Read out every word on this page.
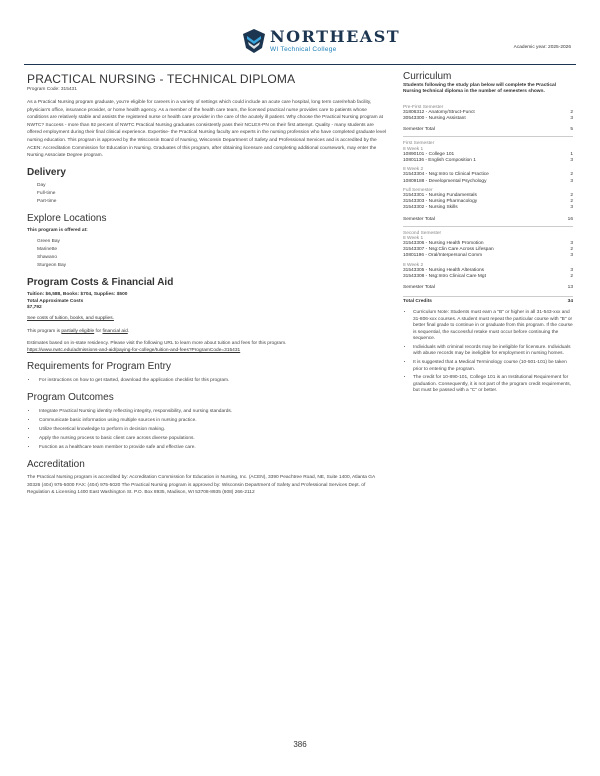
NORTHEAST
WI Technical College	Academic year: 2025-2026
PRACTICAL NURSING - TECHNICAL DIPLOMA
Program Code: 315431

As a Practical Nursing program graduate, you're eligible for careers in a variety of settings which could include an acute care hospital, long term care/rehab facility, physician's office, insurance provider, or home health agency. As a member of the health care team, the licensed practical nurse provides care to patients whose conditions are relatively stable and assists the registered nurse or health care provider in the care of the acutely ill patient. Why choose the Practical Nursing program at NWTC? Success - more than 92 percent of NWTC Practical Nursing graduates consistently pass their NCLEX-PN on their first attempt. Quality - many students are offered employment during their final clinical experience. Expertise- the Practical Nursing faculty are experts in the nursing profession who have completed graduate level nursing education. This program is approved by the Wisconsin Board of Nursing, Wisconsin Department of Safety and Professional Services and is accredited by the ACEN: Accreditation Commission for Education in Nursing. Graduates of this program, after obtaining licensure and completing additional coursework, may enter the Nursing Associate Degree program.

Delivery
Day
Full-time
Part-time
Explore Locations
This program is offered at:
Green Bay
Marinette
Shawano
Sturgeon Bay
Program Costs & Financial Aid
Tuition: $6,588, Books: $704, Supplies: $500
Total Approximate Costs
$7,792

See costs of tuition, books, and supplies.

This program is partially eligible for financial aid.

Estimates based on in-state residency. Please visit the following URL to learn more about tuition and fees for this program.

https://www.nwtc.edu/admissions-and-aid/paying-for-college/tuition-and-fees?ProgramCode=315431

Requirements for Program Entry
• For instructions on how to get started, download the application checklist for this program.
Program Outcomes
• Integrate Practical Nursing identity reflecting integrity, responsibility, and nursing standards.
• Communicate basic information using multiple sources in nursing practice.
• Utilize theoretical knowledge to perform in decision making.
• Apply the nursing process to basic client care across diverse populations.
• Function as a healthcare team member to provide safe and effective care.
Accreditation

The Practical Nursing program is accredited by: Accreditation Commission for Education in Nursing, Inc. (ACEN), 3390 Peachtree Road, NE, Suite 1400, Atlanta GA 30326 (404) 975-5000 FAX: (404) 975-5020 The Practical Nursing program is approved by: Wisconsin Department of Safety and Professional Services Dept. of Regulation & Licensing 1400 East Washington St. P.O. Box 8935, Madison, WI 53708-8935 (608) 266-2112

Curriculum
Students following the study plan below will complete the Practical Nursing technical diploma in the number of semesters shown.
Pre-First Semester
31806312 - Anatomy/Struct-Funct	2
30543300 - Nursing Assistant	3
Semester Total	5
First Semester
8 Week 1
10890101 - College 101	1
10801136 - English Composition 1	3
8 Week 2
31543304 - Nsg:Intro to Clinical Practice	2
10809188 - Developmental Psychology	3
Full Semester
31543301 - Nursing Fundamentals	2
31543303 - Nursing Pharmacology	2
31543302 - Nursing Skills	3
Semester Total	16
Second Semester
8 Week 1
31543306 - Nursing Health Promotion	3
31543307 - Nsg:Clin Care Across Lifespan	2
10801196 - Oral/Interpersonal Comm	3
8 Week 2
31543305 - Nursing Health Alterations	3
31543308 - Nsg:Intro Clinical Care Mgt	2
Semester Total	13
Total Credits	34
• Curriculum Note: Students must earn a "B" or higher in all 31-543-xxx and 31-806-xxx courses. A student must repeat the particular course with "B" or better final grade to continue in or graduate from this program. If the course is sequential, the successful retake must occur before continuing the sequence.
• Individuals with criminal records may be ineligible for licensure. Individuals with abuse records may be ineligible for employment in nursing homes.
• It is suggested that a Medical Terminology course (10-501-101) be taken prior to entering the program.
• The credit for 10-890-101, College 101 is an Institutional Requirement for graduation. Consequently, it is not part of the program credit requirements, but must be passed with a "C" or better.
386
